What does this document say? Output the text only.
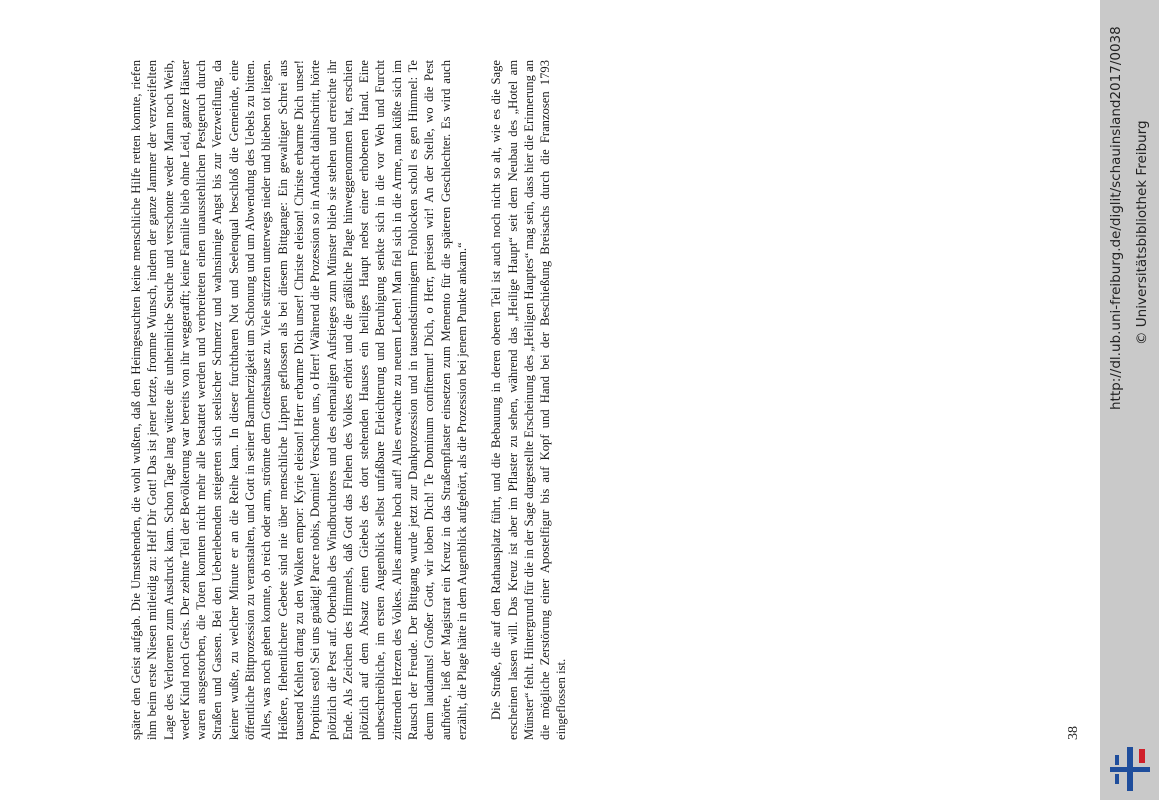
später den Geist aufgab. Die Umstehenden, die wohl wußten, daß den Heimgesuchten keine menschliche Hilfe retten konnte, riefen ihm beim erste Niesen mitleidig zu: Helf Dir Gott! Das ist jener letzte, fromme Wunsch, indem der ganze Jammer der verzweifelten Lage des Verlorenen zum Ausdruck kam. Schon Tage lang wütete die unheimliche Seuche und verschonte weder Mann noch Weib, weder Kind noch Greis. Der zehnte Teil der Bevölkerung war bereits von ihr weggerafft; keine Familie blieb ohne Leid, ganze Häuser waren ausgestorben, die Toten konnten nicht mehr alle bestattet werden und verbreiteten einen unausstehlichen Pestgeruch durch Straßen und Gassen. Bei den Ueberlebenden steigerten sich seelischer Schmerz und wahnsinnige Angst bis zur Verzweiflung, da keiner wußte, zu welcher Minute er an die Reihe kam. In dieser furchtbaren Not und Seelenqual beschloß die Gemeinde, eine öffentliche Bittprozession zu veranstalten, und Gott in seiner Barmherzigkeit um Schonung und um Abwendung des Uebels zu bitten. Alles, was noch gehen konnte, ob reich oder arm, strömte dem Gotteshause zu. Viele stürzten unterwegs nieder und blieben tot liegen. Heißere, flehentlichere Gebete sind nie über menschliche Lippen geflossen als bei diesem Bittgange: Ein gewaltiger Schrei aus tausend Kehlen drang zu den Wolken empor: Kyrie eleison! Herr erbarme Dich unser! Christe eleison! Christe erbarme Dich unser! Propitius esto! Sei uns gnädig! Parce nobis, Domine! Verschone uns, o Herr! Während die Prozession so in Andacht dahinschritt, hörte plötzlich die Pest auf. Oberhalb des Windbruchtores und des ehemaligen Aufstieges zum Münster blieb sie stehen und erreichte ihr Ende. Als Zeichen des Himmels, daß Gott das Flehen des Volkes erhört und die gräßliche Plage hinweggenommen hat, erschien plötzlich auf dem Absatz einen Giebels des dort stehenden Hauses ein heiliges Haupt nebst einer erhobenen Hand. Eine unbeschreibliche, im ersten Augenblick selbst unfaßbare Erleichterung und Beruhigung senkte sich in die vor Weh und Furcht zitternden Herzen des Volkes. Alles atmete hoch auf! Alles erwachte zu neuem Leben! Man fiel sich in die Arme, man küßte sich im Rausch der Freude. Der Bittgang wurde jetzt zur Dankprozession und in tausendstimmigem Frohlocken scholl es gen Himmel: Te deum laudamus! Großer Gott, wir loben Dich! Te Dominum confitemur! Dich, o Herr, preisen wir! An der Stelle, wo die Pest aufhörte, ließ der Magistrat ein Kreuz in das Straßenpflaster einsetzen zum Memento für die späteren Geschlechter. Es wird auch erzählt, die Plage hätte in dem Augenblick aufgehört, als die Prozession bei jenem Punkte ankam.“ Die Straße, die auf den Rathausplatz führt, und die Bebauung in deren oberen Teil ist auch noch nicht so alt, wie es die Sage erscheinen lassen will. Das Kreuz ist aber im Pflaster zu sehen, während das „Heilige Haupt“ seit dem Neubau des „Hotel am Münster“ fehlt. Hintergrund für die in der Sage dargestellte Erscheinung des „Heiligen Hauptes“ mag sein, dass hier die Erinnerung an die mögliche Zerstörung einer Apostelfigur bis auf Kopf und Hand bei der Beschießung Breisachs durch die Franzosen 1793 eingeflossen ist.	38
http://dl.ub.uni-freiburg.de/diglit/schauinsland2017/0038 © Universitätsbibliothek Freiburg
